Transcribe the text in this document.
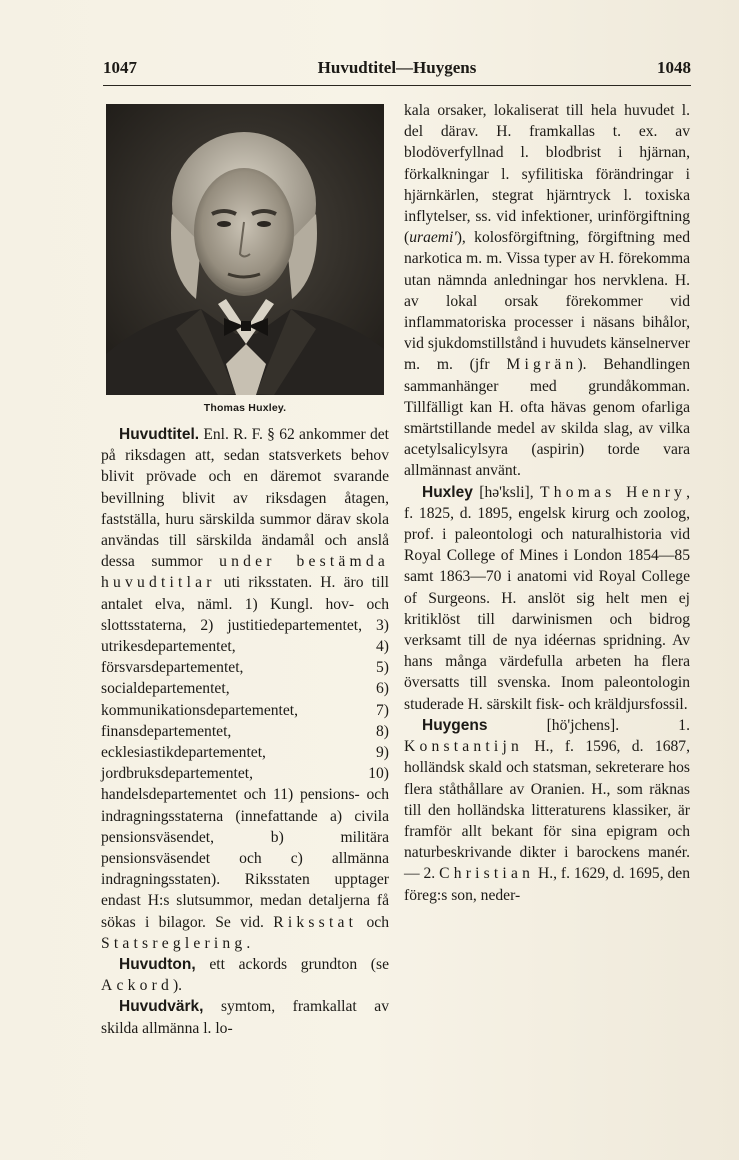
1047	Huvudtitel—Huygens	1048
Thomas Huxley.

Huvudtitel. Enl. R. F. § 62 ankommer det på riksdagen att, sedan statsverkets behov blivit prövade och en däremot svarande bevillning blivit av riksdagen åtagen, fastställa, huru särskilda summor därav skola användas till särskilda ändamål och anslå dessa summor under bestämda huvudtitlar uti riksstaten. H. äro till antalet elva, näml. 1) Kungl. hov- och slottsstaterna, 2) justitiedepartementet, 3) utrikesdepartementet, 4) försvarsdepartementet, 5) socialdepartementet, 6) kommunikationsdepartementet, 7) finansdepartementet, 8) ecklesiastikdepartementet, 9) jordbruksdepartementet, 10) handelsdepartementet och 11) pensions- och indragningsstaterna (innefattande a) civila pensionsväsendet, b) militära pensionsväsendet och c) allmänna indragningsstaten). Riksstaten upptager endast H:s slutsummor, medan detaljerna få sökas i bilagor. Se vid. Riksstat och Statsreglering.

Huvudton, ett ackords grundton (se Ackord).

Huvudvärk, symtom, framkallat av skilda allmänna l. lo-

kala orsaker, lokaliserat till hela huvudet l. del därav. H. framkallas t. ex. av blodöverfyllnad l. blodbrist i hjärnan, förkalkningar l. syfilitiska förändringar i hjärnkärlen, stegrat hjärntryck l. toxiska inflytelser, ss. vid infektioner, urinförgiftning (uraemi'), kolosförgiftning, förgiftning med narkotica m. m. Vissa typer av H. förekomma utan nämnda anledningar hos nervklena. H. av lokal orsak förekommer vid inflammatoriska processer i näsans bihålor, vid sjukdomstillstånd i huvudets känselnerver m. m. (jfr Migrän). Behandlingen sammanhänger med grundåkomman. Tillfälligt kan H. ofta hävas genom ofarliga smärtstillande medel av skilda slag, av vilka acetylsalicylsyra (aspirin) torde vara allmännast använt.

Huxley [hə'ksli], Thomas Henry, f. 1825, d. 1895, engelsk kirurg och zoolog, prof. i paleontologi och naturalhistoria vid Royal College of Mines i London 1854—85 samt 1863—70 i anatomi vid Royal College of Surgeons. H. anslöt sig helt men ej kritiklöst till darwinismen och bidrog verksamt till de nya idéernas spridning. Av hans många värdefulla arbeten ha flera översatts till svenska. Inom paleontologin studerade H. särskilt fisk- och kräldjursfossil.

Huygens [hö'jchens]. 1. Konstantijn H., f. 1596, d. 1687, holländsk skald och statsman, sekreterare hos flera ståthållare av Oranien. H., som räknas till den holländska litteraturens klassiker, är framför allt bekant för sina epigram och naturbeskrivande dikter i barockens manér. — 2. Christian H., f. 1629, d. 1695, den föreg:s son, neder-
